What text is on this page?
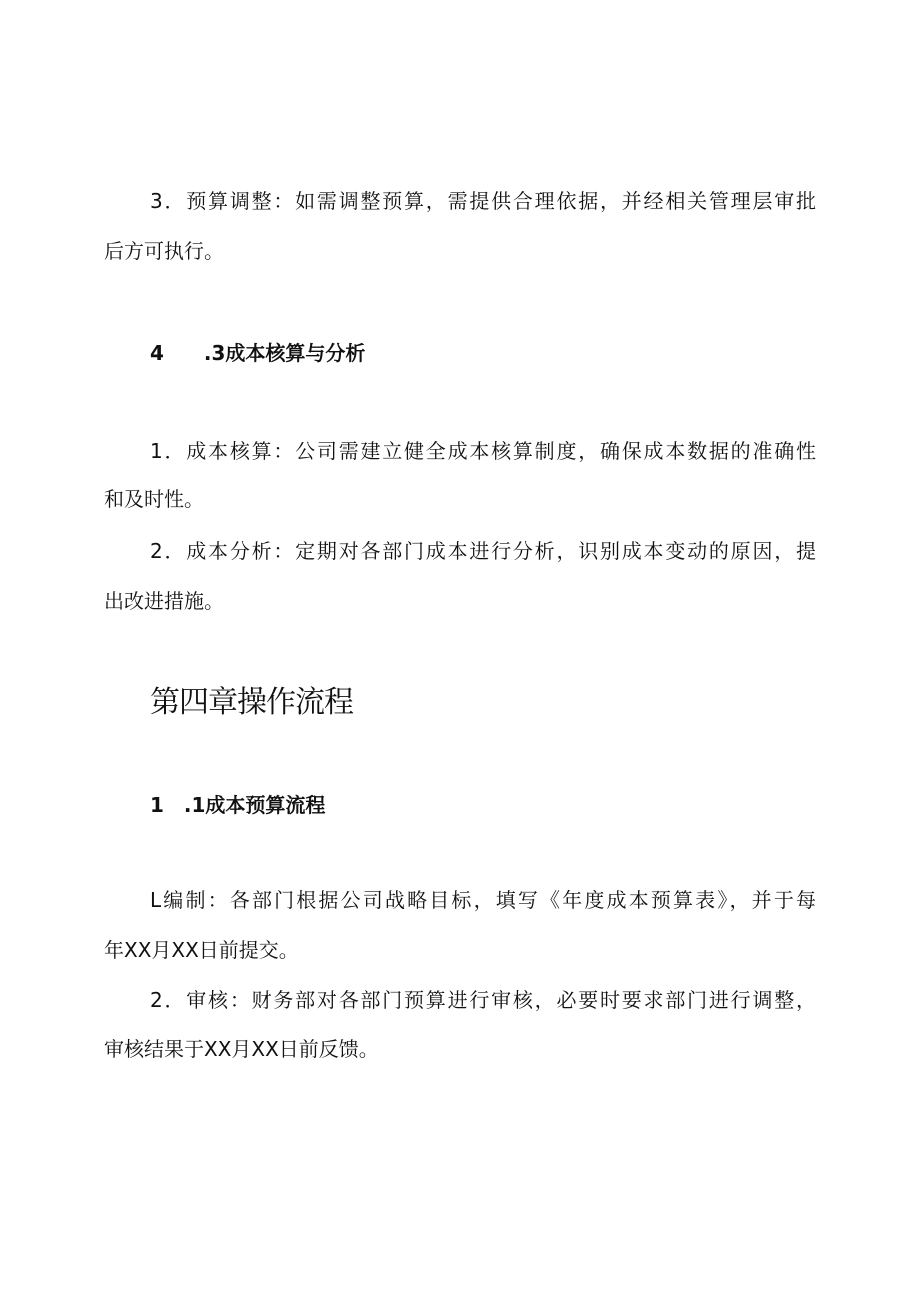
3．预算调整：如需调整预算，需提供合理依据，并经相关管理层审批
后方可执行。
4　　.3成本核算与分析
1．成本核算：公司需建立健全成本核算制度，确保成本数据的准确性
和及时性。
2．成本分析：定期对各部门成本进行分析，识别成本变动的原因，提
出改进措施。
第四章操作流程
1　.1成本预算流程
L编制：各部门根据公司战略目标，填写《年度成本预算表》，并于每
年XX月XX日前提交。
2．审核：财务部对各部门预算进行审核，必要时要求部门进行调整，
审核结果于XX月XX日前反馈。
